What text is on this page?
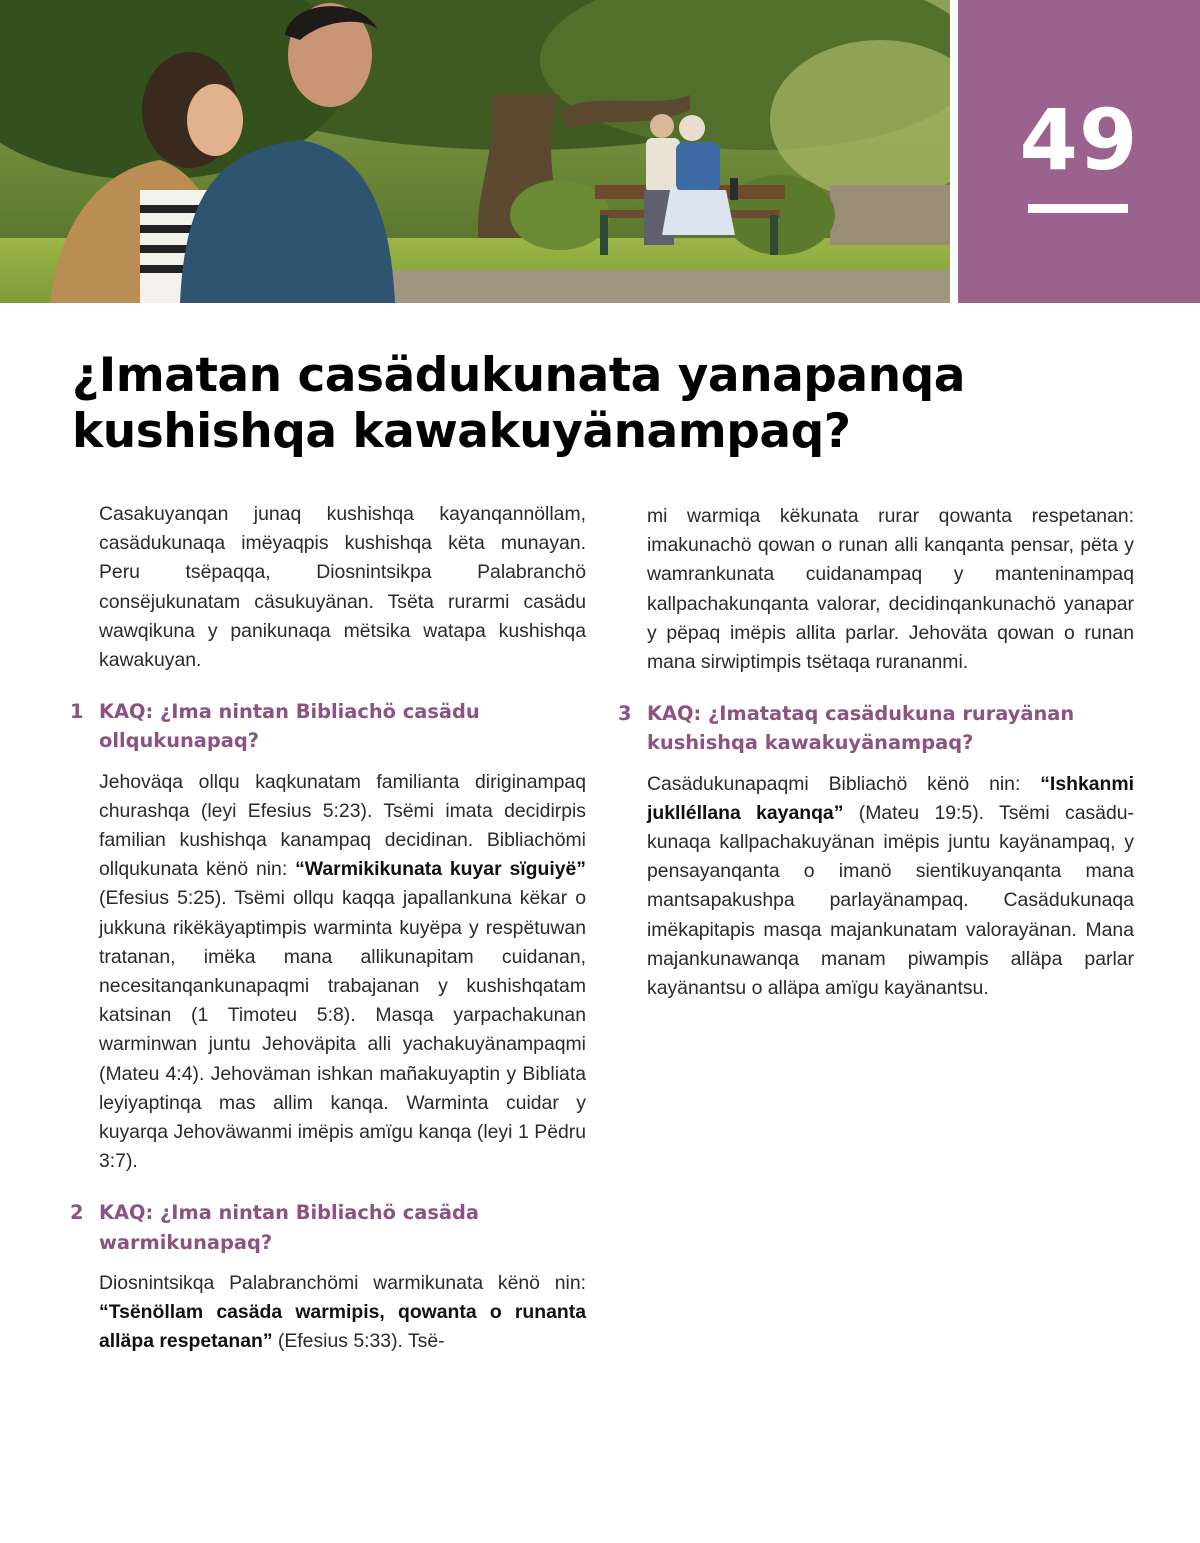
49
¿Imatan casädukunata yanapanqa
kushishqa kawakuyänampaq?

Casakuyanqan junaq kushishqa kayanqannöllam, casädukunaqa imëyaqpis kushishqa këta munayan. Peru tsëpaqqa, Diosnintsikpa Palabranchö consëjukunatam cäsukuyänan. Tsëta rurarmi casädu wawqikuna y panikunaqa mëtsika watapa kushishqa kawakuyan.

1 KAQ: ¿Ima nintan Bibliachö casädu ollqukunapaq?

Jehoväqa ollqu kaqkunatam familianta diriginampaq churashqa (leyi Efesius 5:23). Tsëmi imata decidirpis familian kushishqa kanampaq decidinan. Bibliachömi ollqukunata kënö nin: “Warmikikunata kuyar sïguiyë” (Efesius 5:25). Tsëmi ollqu kaqqa japallankuna këkar o jukkuna rikëkäyaptimpis warminta kuyëpa y respëtuwan tratanan, imëka mana allikunapitam cuidanan, necesitanqankunapaqmi trabajanan y kushishqatam katsinan (1 Timoteu 5:8). Masqa yarpachakunan warminwan juntu Jehoväpita alli yachakuyänampaqmi (Mateu 4:4). Jehoväman ishkan mañakuyaptin y Bibliata leyiyaptinqa mas allim kanqa. Warminta cuidar y kuyarqa Jehoväwanmi imëpis amïgu kanqa (leyi 1 Pëdru 3:7).

2 KAQ: ¿Ima nintan Bibliachö casäda warmikunapaq?

Diosnintsikqa Palabranchömi warmikunata kënö nin: “Tsënöllam casäda warmipis, qowanta o runanta alläpa respetanan” (Efesius 5:33). Tsë-

mi warmiqa këkunata rurar qowanta respetanan: imakunachö qowan o runan alli kanqanta pensar, pëta y wamrankunata cuidanampaq y manteninampaq kallpachakunqanta valorar, decidinqankunachö yanapar y pëpaq imëpis allita parlar. Jehoväta qowan o runan mana sirwiptimpis tsëtaqa rurananmi.

3 KAQ: ¿Imatataq casädukuna rurayänan kushishqa kawakuyänampaq?

Casädukunapaqmi Bibliachö kënö nin: “Ishkanmi juklléllana kayanqa” (Mateu 19:5). Tsëmi casädukunaqa kallpachakuyänan imëpis juntu kayänampaq, y pensayanqanta o imanö sientikuyanqanta mana mantsapakushpa parlayänampaq. Casädukunaqa imëkapitapis masqa majankunatam valorayänan. Mana majankunawanqa manam piwampis alläpa parlar kayänantsu o alläpa amïgu kayänantsu.
